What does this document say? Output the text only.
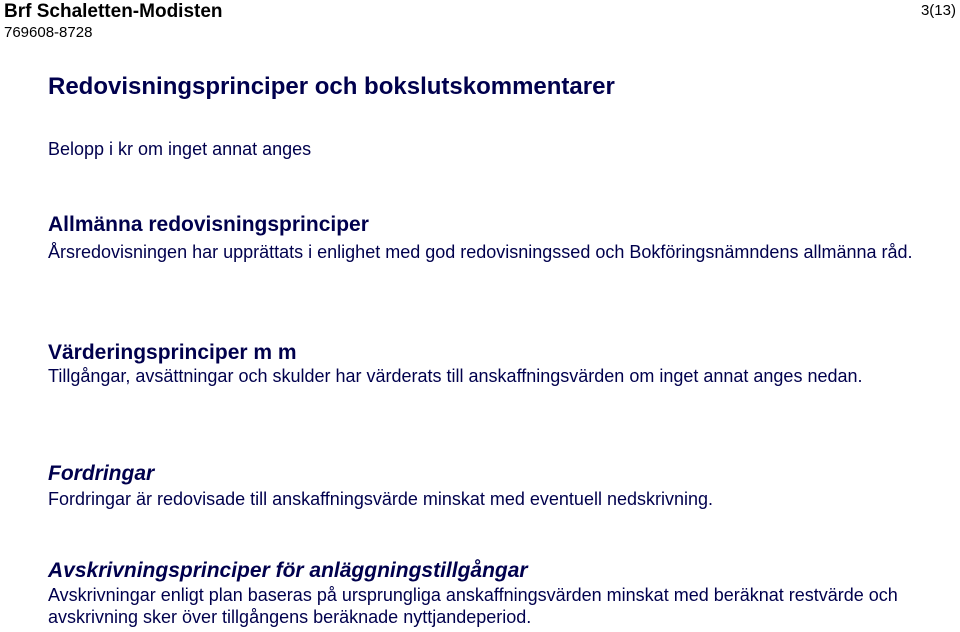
Brf Schaletten-Modisten
769608-8728
3(13)
Redovisningsprinciper och bokslutskommentarer
Belopp i kr om inget annat anges
Allmänna redovisningsprinciper
Årsredovisningen har upprättats i enlighet med god redovisningssed och Bokföringsnämndens allmänna råd.
Värderingsprinciper m m
Tillgångar, avsättningar och skulder har värderats till anskaffningsvärden om inget annat anges nedan.
Fordringar
Fordringar är redovisade till anskaffningsvärde minskat med eventuell nedskrivning.
Avskrivningsprinciper för anläggningstillgångar
Avskrivningar enligt plan baseras på ursprungliga anskaffningsvärden minskat med beräknat restvärde och avskrivning sker över tillgångens beräknade nyttjandeperiod.
